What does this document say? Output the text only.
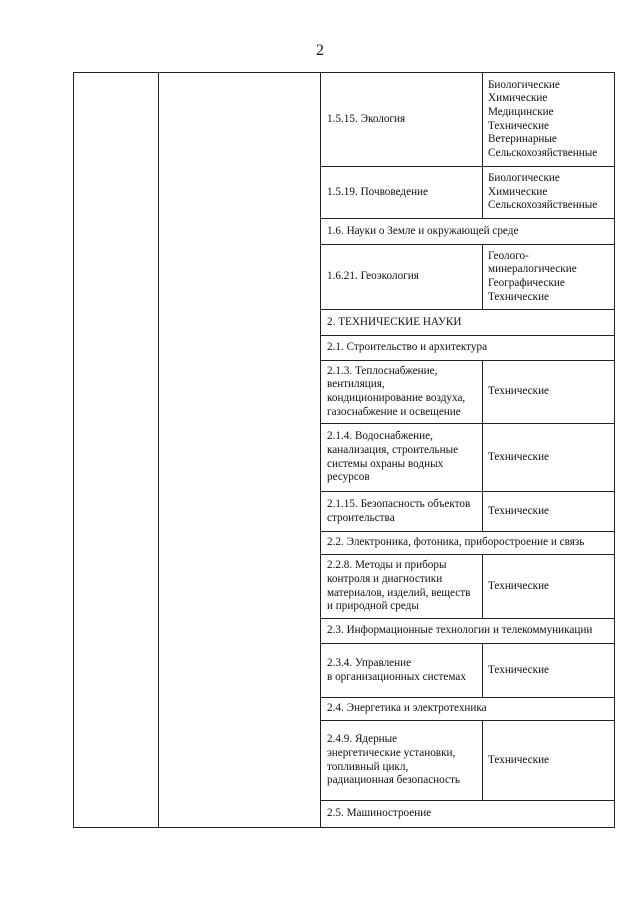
2
1.5.15. Экология
Биологические
Химические
Медицинские
Технические
Ветеринарные
Сельскохозяйственные
1.5.19. Почвоведение
Биологические
Химические
Сельскохозяйственные
1.6. Науки о Земле и окружающей среде
1.6.21. Геоэкология
Геолого-
минералогические
Географические
Технические
2. ТЕХНИЧЕСКИЕ НАУКИ
2.1. Строительство и архитектура
2.1.3. Теплоснабжение,
вентиляция,
кондиционирование воздуха,
газоснабжение и освещение
Технические
2.1.4. Водоснабжение,
канализация, строительные
системы охраны водных
ресурсов
Технические
2.1.15. Безопасность объектов
строительства
Технические
2.2. Электроника, фотоника, приборостроение и связь
2.2.8. Методы и приборы
контроля и диагностики
материалов, изделий, веществ
и природной среды
Технические
2.3. Информационные технологии и телекоммуникации
2.3.4. Управление
в организационных системах
Технические
2.4. Энергетика и электротехника
2.4.9. Ядерные
энергетические установки,
топливный цикл,
радиационная безопасность
Технические
2.5. Машиностроение
